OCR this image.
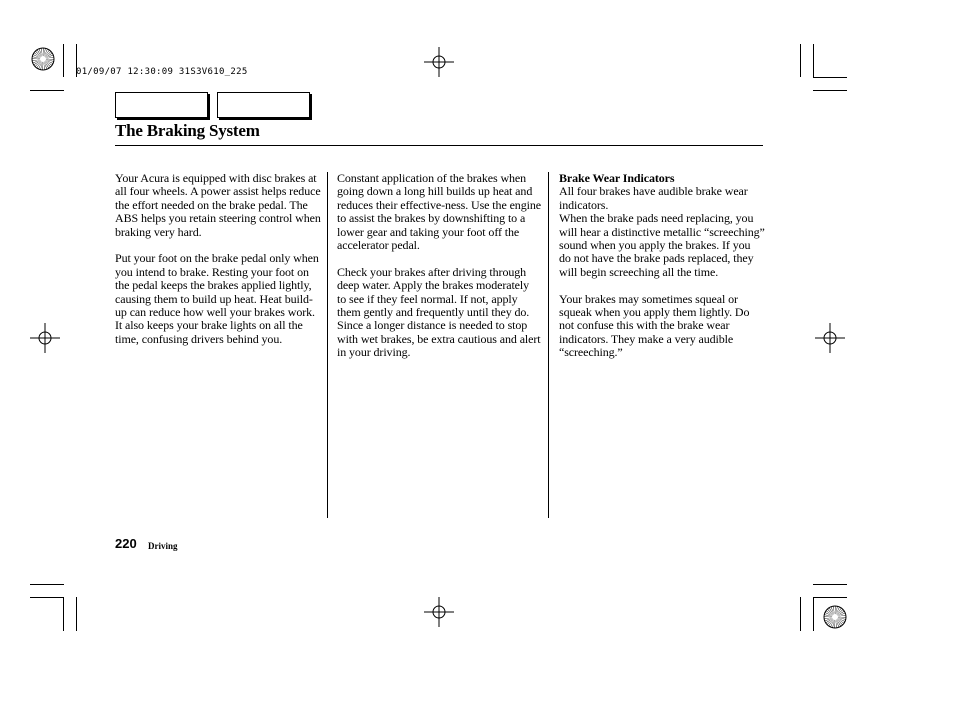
01/09/07 12:30:09 31S3V610_225
The Braking System

Your Acura is equipped with disc brakes at all four wheels. A power assist helps reduce the effort needed on the brake pedal. The ABS helps you retain steering control when braking very hard.

Put your foot on the brake pedal only when you intend to brake. Resting your foot on the pedal keeps the brakes applied lightly, causing them to build up heat. Heat build-up can reduce how well your brakes work. It also keeps your brake lights on all the time, confusing drivers behind you.

Constant application of the brakes when going down a long hill builds up heat and reduces their effective-ness. Use the engine to assist the brakes by downshifting to a lower gear and taking your foot off the accelerator pedal.

Check your brakes after driving through deep water. Apply the brakes moderately to see if they feel normal. If not, apply them gently and frequently until they do. Since a longer distance is needed to stop with wet brakes, be extra cautious and alert in your driving.

Brake Wear Indicators
All four brakes have audible brake wear indicators.

When the brake pads need replacing, you will hear a distinctive metallic “screeching” sound when you apply the brakes. If you do not have the brake pads replaced, they will begin screeching all the time.

Your brakes may sometimes squeal or squeak when you apply them lightly. Do not confuse this with the brake wear indicators. They make a very audible “screeching.”

220 Driving
